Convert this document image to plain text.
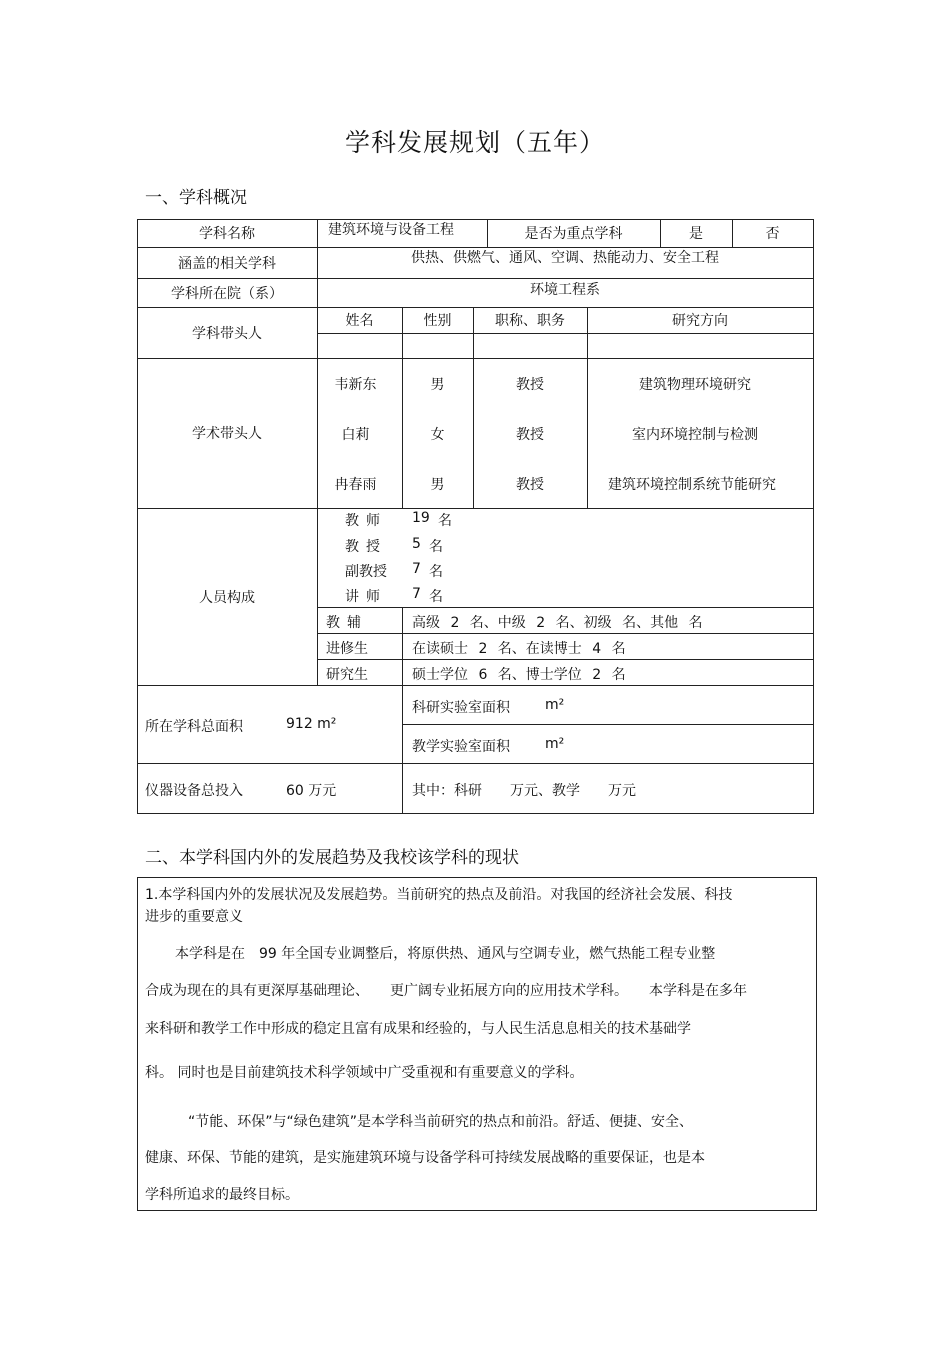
学科发展规划（五年）
一、学科概况
学科名称	建筑环境与设备工程	是否为重点学科	是	否
涵盖的相关学科	供热、供燃气、通风、空调、热能动力、安全工程
学科所在院（系）	环境工程系
学科带头人
姓名	性别	职称、职务	研究方向
学术带头人
韦新东	男	教授	建筑物理环境研究
白莉	女	教授	室内环境控制与检测
冉春雨	男	教授	建筑环境控制系统节能研究
人员构成
教师 19 名
教授 5 名
副教授 7 名
讲师 7 名
教辅	高级 2 名、中级 2 名、初级 名、其他 名
进修生	在读硕士 2 名、在读博士 4 名
研究生	硕士学位 6 名、博士学位 2 名
所在学科总面积	912 m²
科研实验室面积	m²
教学实验室面积	m²
仪器设备总投入	60 万元	其中：科研　　万元、教学　　万元
二、本学科国内外的发展趋势及我校该学科的现状
1.本学科国内外的发展状况及发展趋势。当前研究的热点及前沿。对我国的经济社会发展、科技
进步的重要意义
本学科是在　99 年全国专业调整后，将原供热、通风与空调专业，燃气热能工程专业整
合成为现在的具有更深厚基础理论、　　更广阔专业拓展方向的应用技术学科。　　本学科是在多年
来科研和教学工作中形成的稳定且富有成果和经验的，与人民生活息息相关的技术基础学
科。 同时也是目前建筑技术科学领域中广受重视和有重要意义的学科。
“节能、环保”与“绿色建筑”是本学科当前研究的热点和前沿。舒适、便捷、安全、
健康、环保、节能的建筑，是实施建筑环境与设备学科可持续发展战略的重要保证，也是本
学科所追求的最终目标。
